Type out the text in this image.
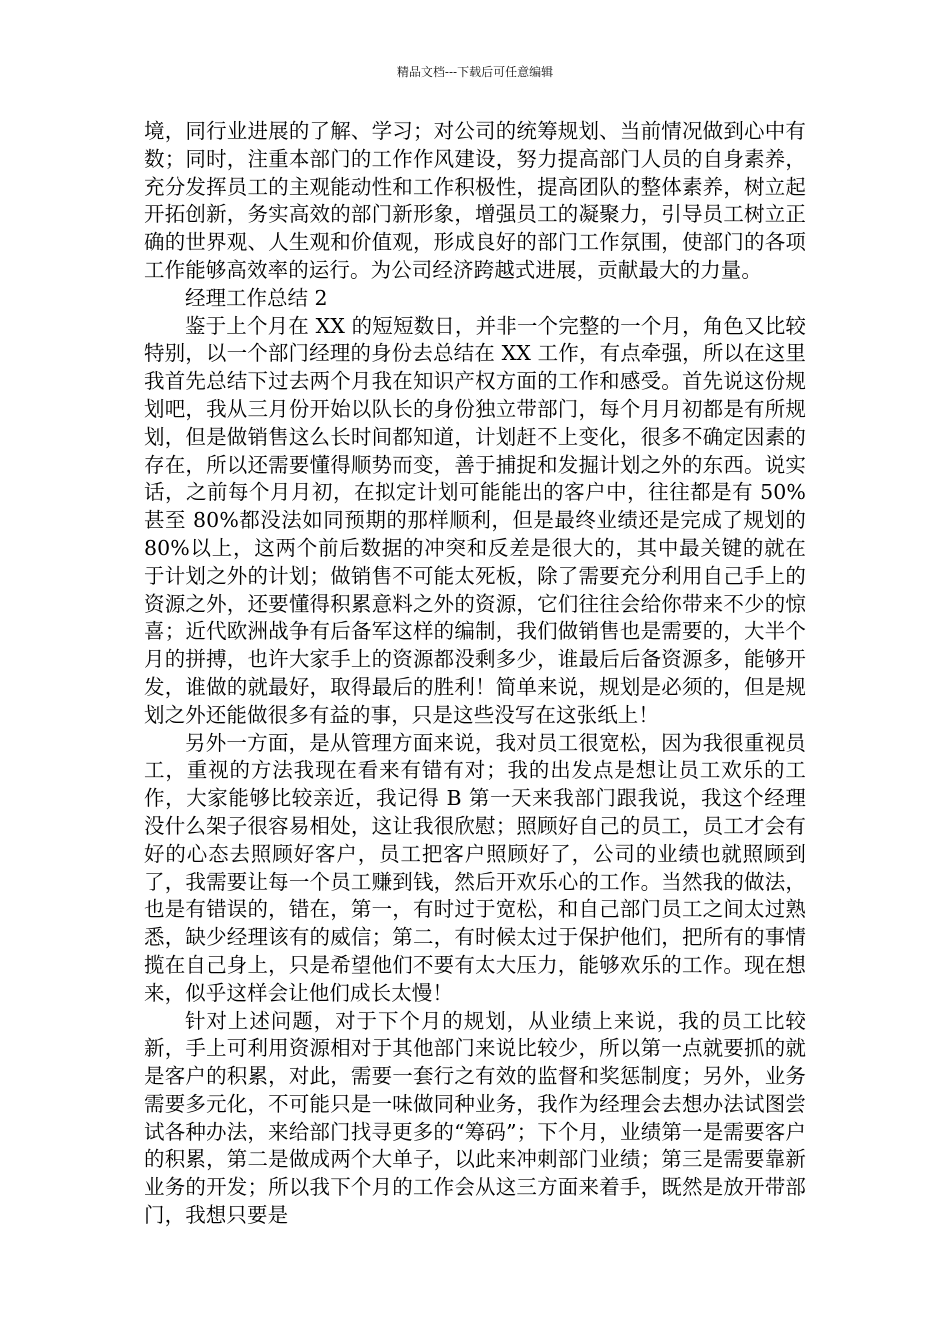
精品文档---下载后可任意编辑

境，同行业进展的了解、学习；对公司的统筹规划、当前情况做到心中有数；同时，注重本部门的工作作风建设，努力提高部门人员的自身素养，充分发挥员工的主观能动性和工作积极性，提高团队的整体素养，树立起开拓创新，务实高效的部门新形象，增强员工的凝聚力，引导员工树立正确的世界观、人生观和价值观，形成良好的部门工作氛围，使部门的各项工作能够高效率的运行。为公司经济跨越式进展，贡献最大的力量。

经理工作总结 2

鉴于上个月在 XX 的短短数日，并非一个完整的一个月，角色又比较特别，以一个部门经理的身份去总结在 XX 工作，有点牵强，所以在这里我首先总结下过去两个月我在知识产权方面的工作和感受。首先说这份规划吧，我从三月份开始以队长的身份独立带部门，每个月月初都是有所规划，但是做销售这么长时间都知道，计划赶不上变化，很多不确定因素的存在，所以还需要懂得顺势而变，善于捕捉和发掘计划之外的东西。说实话，之前每个月月初，在拟定计划可能能出的客户中，往往都是有 50%甚至 80%都没法如同预期的那样顺利，但是最终业绩还是完成了规划的 80%以上，这两个前后数据的冲突和反差是很大的，其中最关键的就在于计划之外的计划；做销售不可能太死板，除了需要充分利用自己手上的资源之外，还要懂得积累意料之外的资源，它们往往会给你带来不少的惊喜；近代欧洲战争有后备军这样的编制，我们做销售也是需要的，大半个月的拼搏，也许大家手上的资源都没剩多少，谁最后后备资源多，能够开发，谁做的就最好，取得最后的胜利！简单来说，规划是必须的，但是规划之外还能做很多有益的事，只是这些没写在这张纸上！

另外一方面，是从管理方面来说，我对员工很宽松，因为我很重视员工，重视的方法我现在看来有错有对；我的出发点是想让员工欢乐的工作，大家能够比较亲近，我记得 B 第一天来我部门跟我说，我这个经理没什么架子很容易相处，这让我很欣慰；照顾好自己的员工，员工才会有好的心态去照顾好客户，员工把客户照顾好了，公司的业绩也就照顾到了，我需要让每一个员工赚到钱，然后开欢乐心的工作。当然我的做法，也是有错误的，错在，第一，有时过于宽松，和自己部门员工之间太过熟悉，缺少经理该有的威信；第二，有时候太过于保护他们，把所有的事情揽在自己身上，只是希望他们不要有太大压力，能够欢乐的工作。现在想来，似乎这样会让他们成长太慢！

针对上述问题，对于下个月的规划，从业绩上来说，我的员工比较新，手上可利用资源相对于其他部门来说比较少，所以第一点就要抓的就是客户的积累，对此，需要一套行之有效的监督和奖惩制度；另外，业务需要多元化，不可能只是一味做同种业务，我作为经理会去想办法试图尝试各种办法，来给部门找寻更多的“筹码”；下个月，业绩第一是需要客户的积累，第二是做成两个大单子，以此来冲刺部门业绩；第三是需要靠新业务的开发；所以我下个月的工作会从这三方面来着手，既然是放开带部门，我想只要是
